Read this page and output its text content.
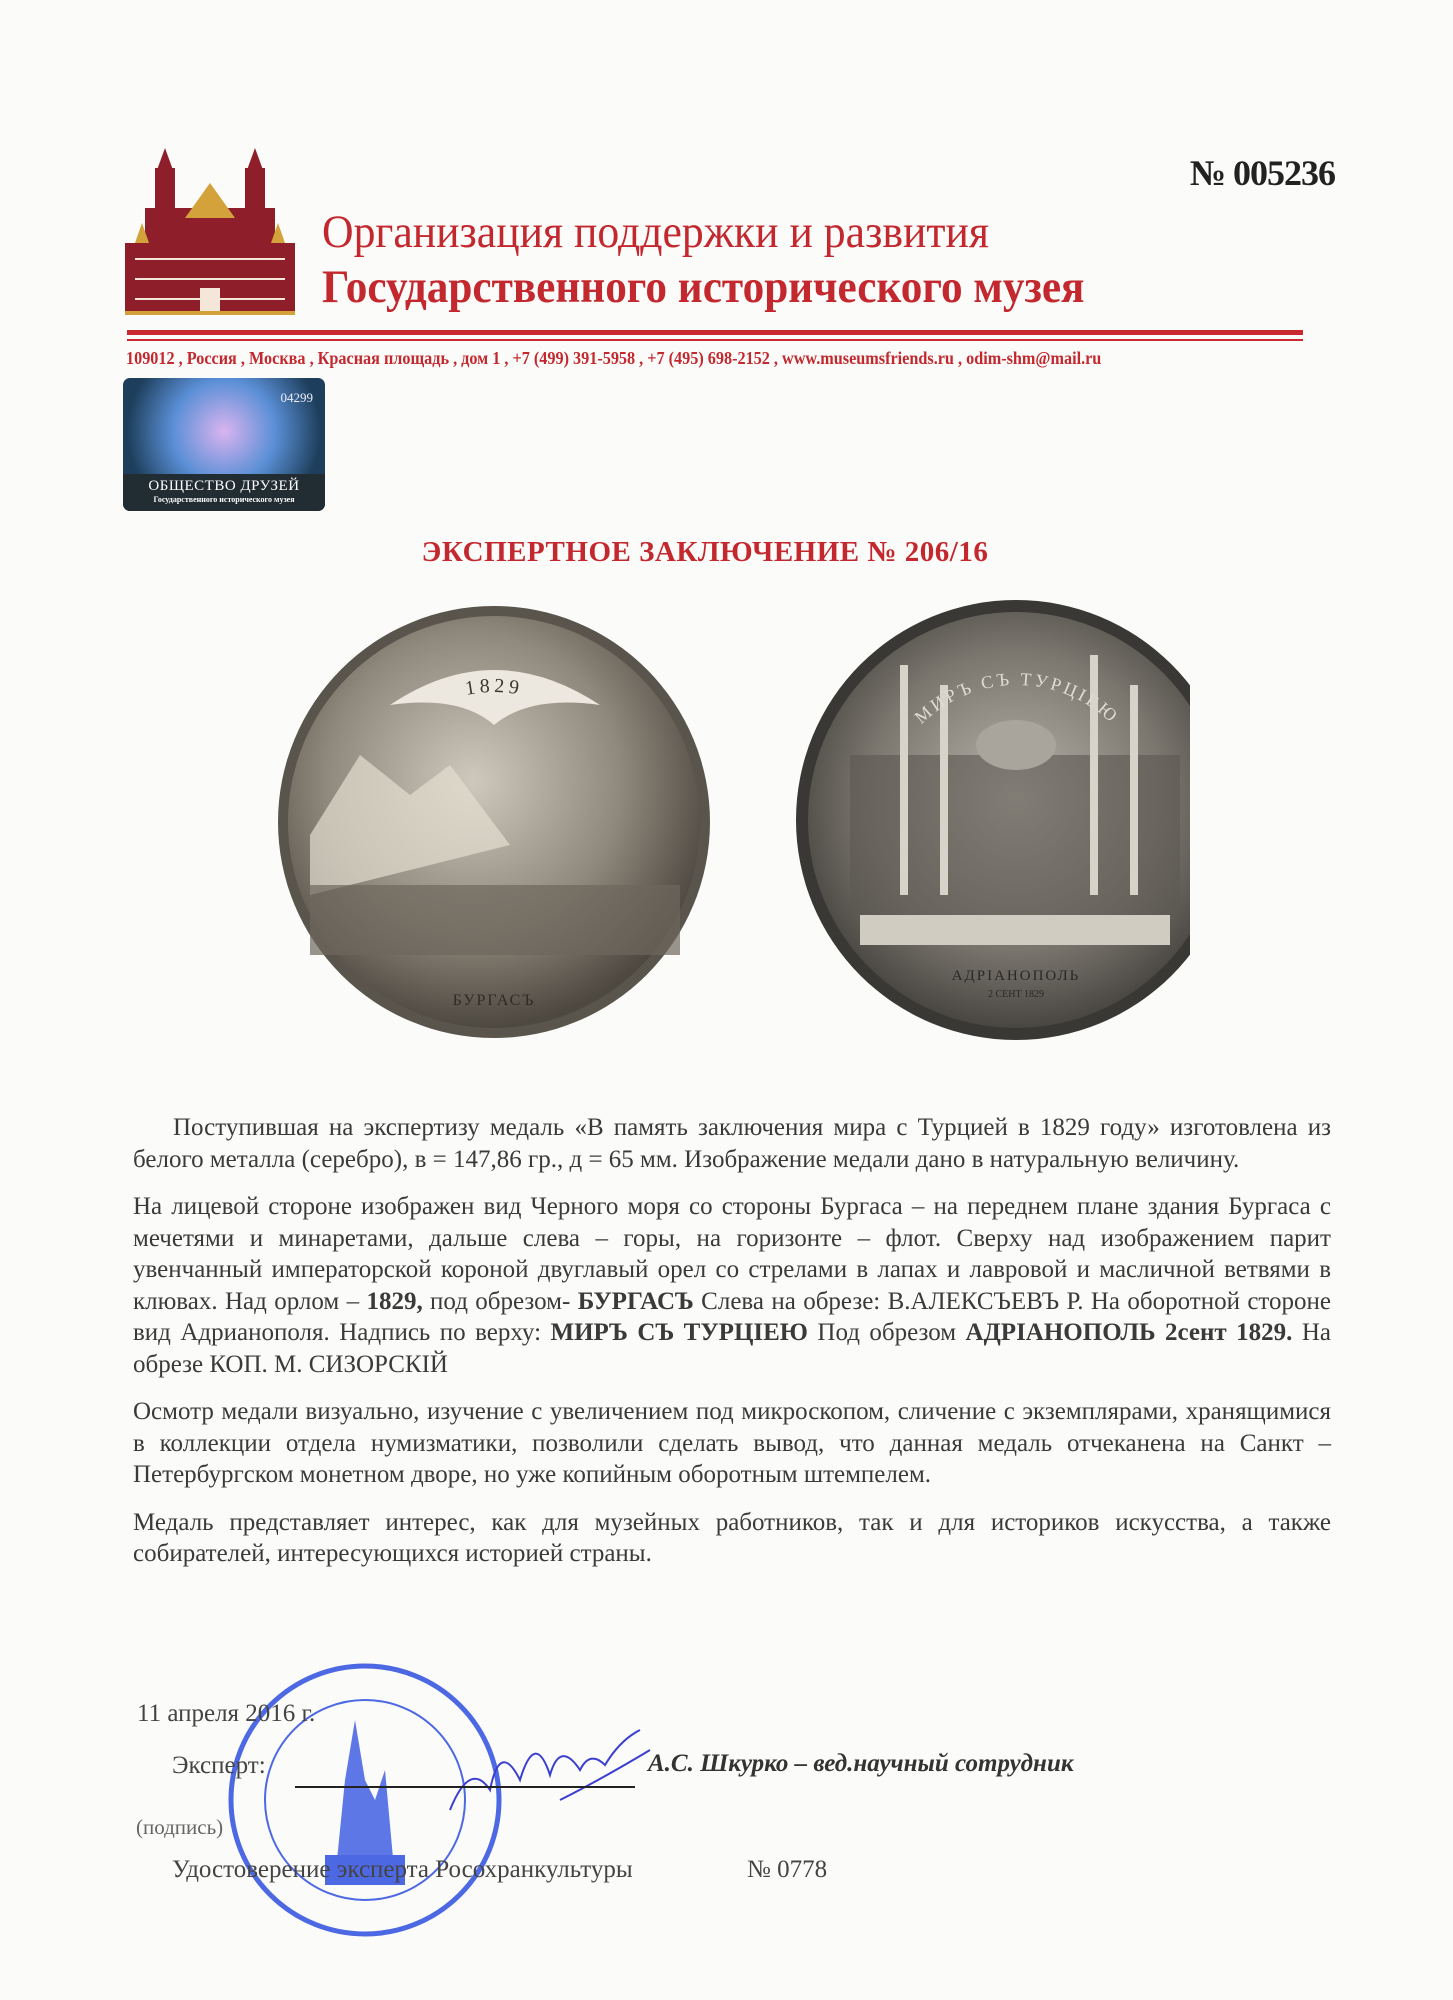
№ 005236
Организация поддержки и развития
Государственного исторического музея
109012 , Россия , Москва , Красная площадь , дом 1 , +7 (499) 391-5958 , +7 (495) 698-2152 , www.museumsfriends.ru , odim-shm@mail.ru
04299
ОБЩЕСТВО ДРУЗЕЙ
Государственного исторического музея
ЭКСПЕРТНОЕ ЗАКЛЮЧЕНИЕ № 206/16
1829
БУРГАСЪ
МИРЪ СЪ ТУРЦІЕЮ
АДРІАНОПОЛЬ
2 СЕНТ 1829

Поступившая на экспертизу медаль «В память заключения мира с Турцией в 1829 году» изготовлена из белого металла (серебро), в = 147,86 гр., д = 65 мм. Изображение медали дано в натуральную величину.

На лицевой стороне изображен вид Черного моря со стороны Бургаса – на переднем плане здания Бургаса с мечетями и минаретами, дальше слева – горы, на горизонте – флот. Сверху над изображением парит увенчанный императорской короной двуглавый орел со стрелами в лапах и лавровой и масличной ветвями в клювах. Над орлом – 1829, под обрезом- БУРГАСЪ Слева на обрезе: В.АЛЕКСЪЕВЪ Р. На оборотной стороне вид Адрианополя. Надпись по верху: МИРЪ СЪ ТУРЦІЕЮ Под обрезом АДРІАНОПОЛЬ 2сент 1829. На обрезе КОП. М. СИЗОРСКІЙ

Осмотр медали визуально, изучение с увеличением под микроскопом, сличение с экземплярами, хранящимися в коллекции отдела нумизматики, позволили сделать вывод, что данная медаль отчеканена на Санкт – Петербургском монетном дворе, но уже копийным оборотным штемпелем.

Медаль представляет интерес, как для музейных работников, так и для историков искусства, а также собирателей, интересующихся историей страны.

11 апреля 2016 г.
Эксперт:	А.С. Шкурко – вед.научный сотрудник
(подпись)
Удостоверение эксперта Росохранкультуры	№ 0778
